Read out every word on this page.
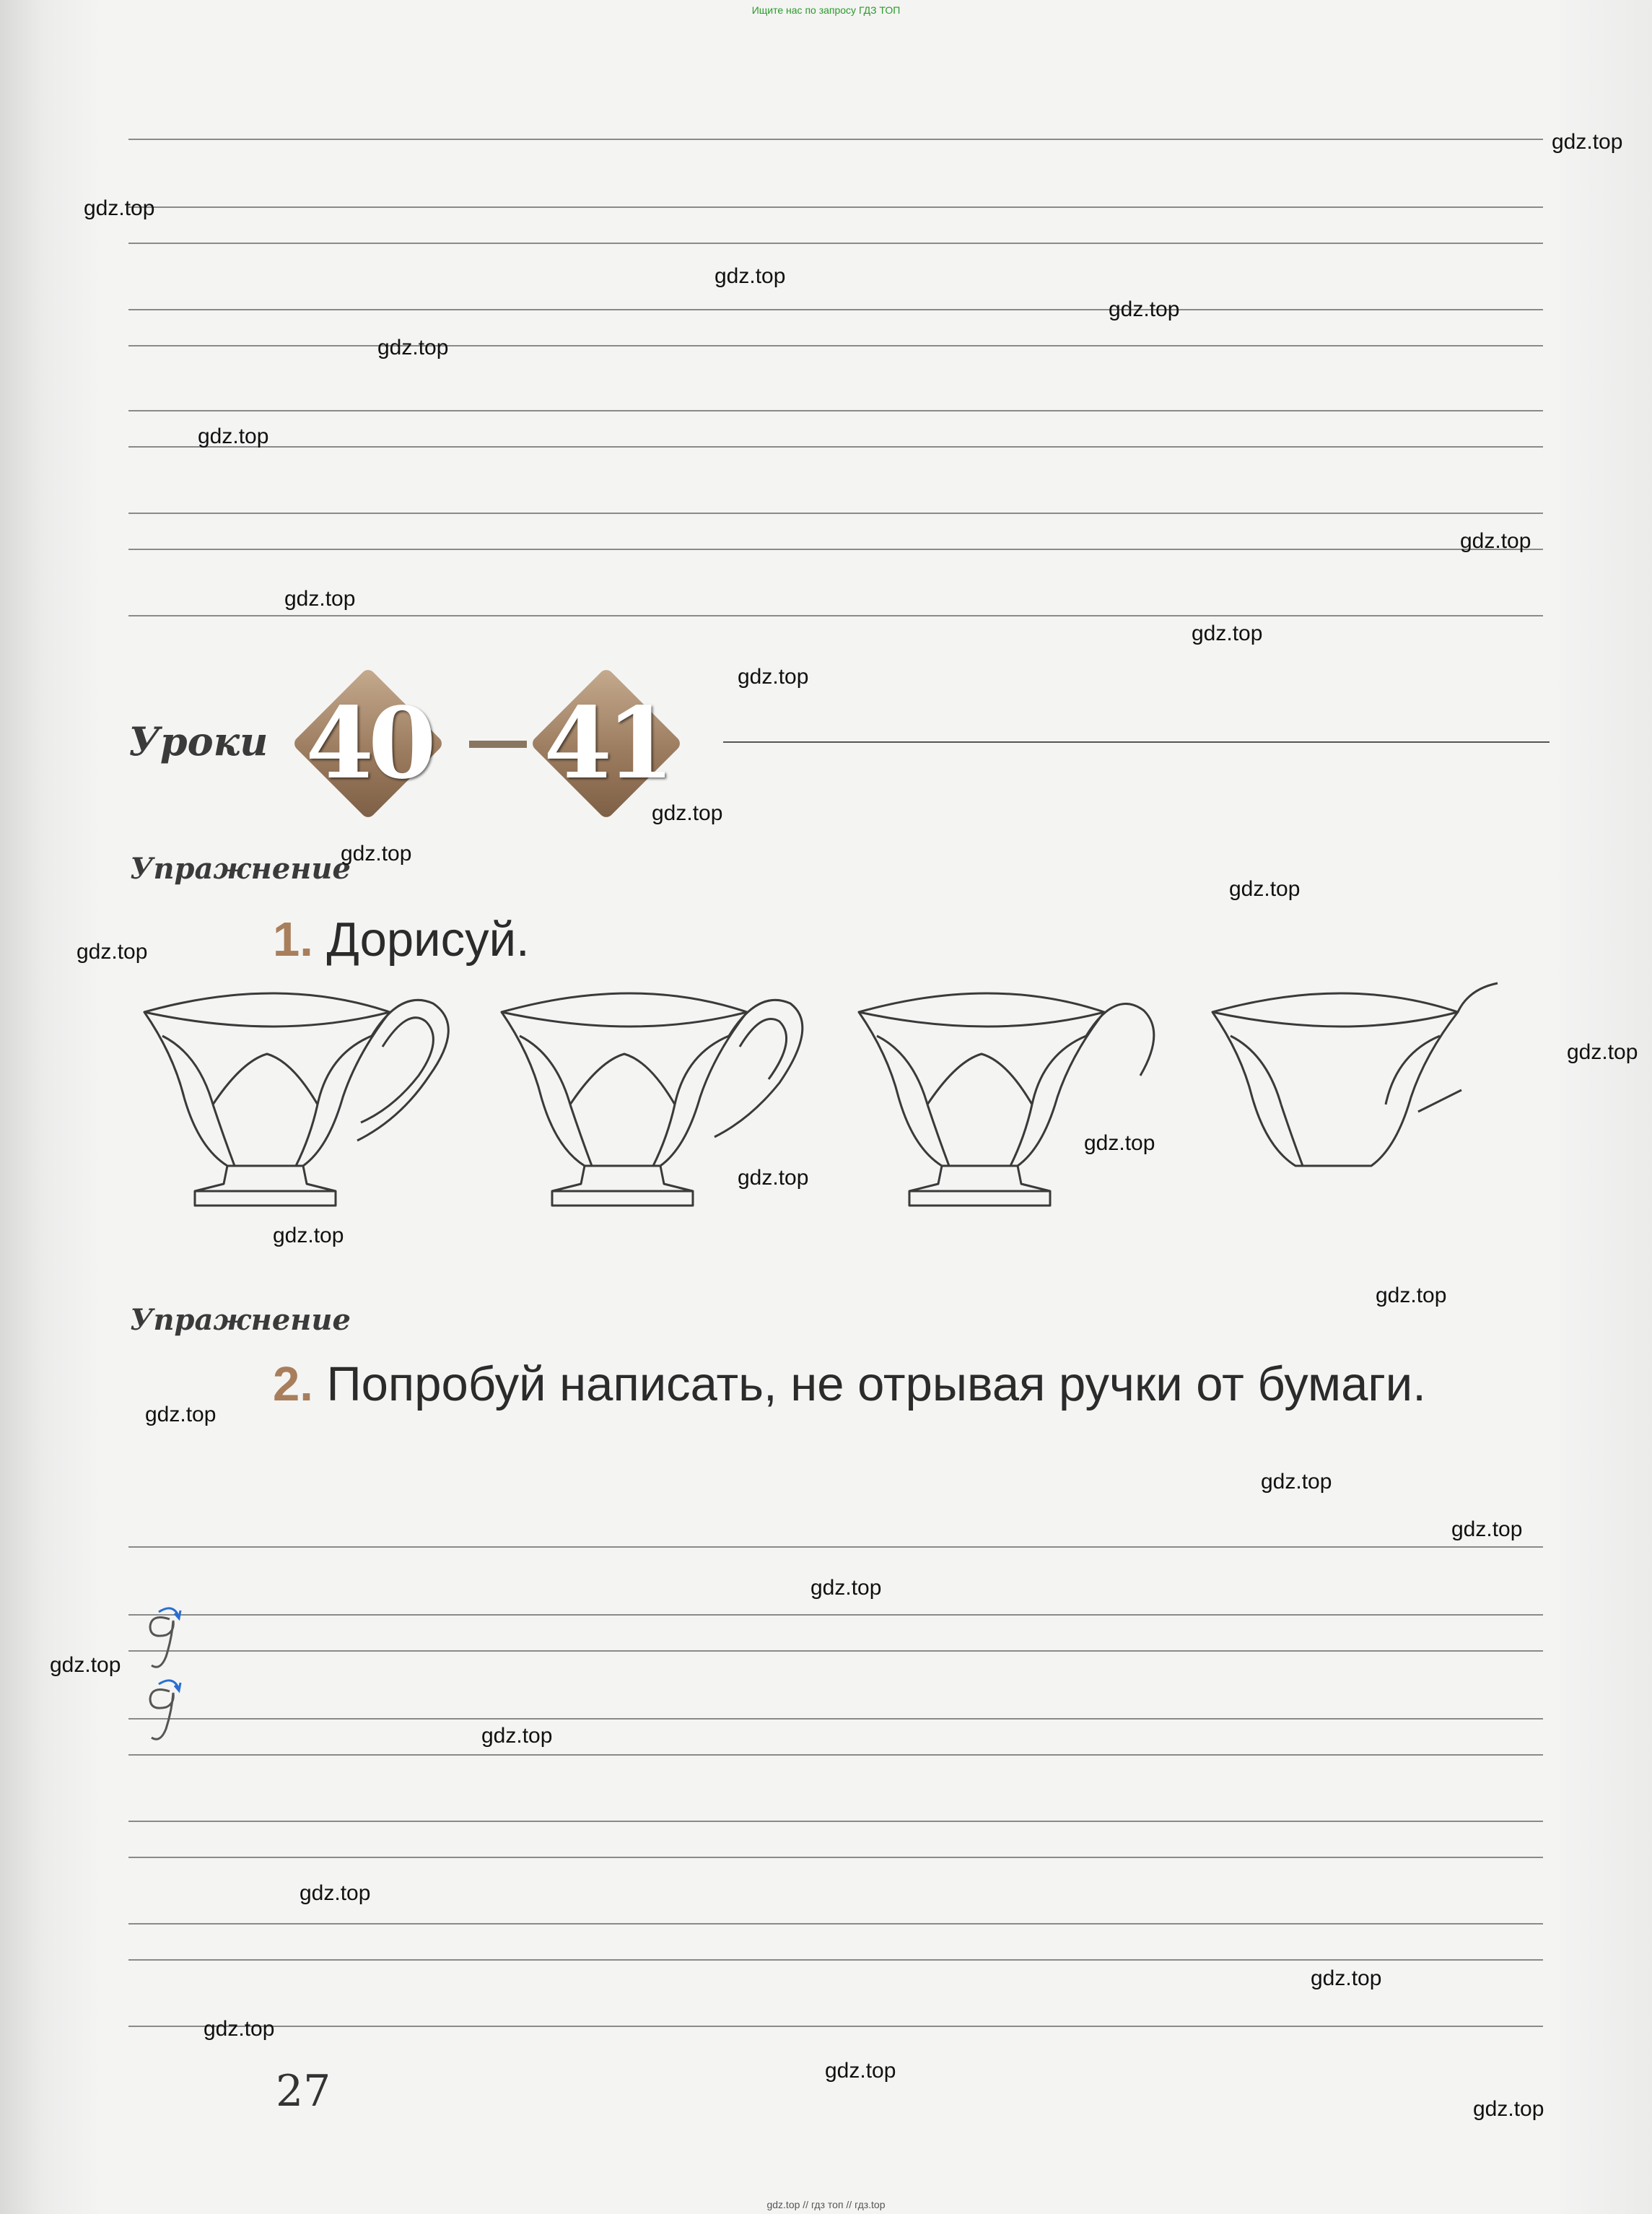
Ищите нас по запросу ГДЗ ТОП
Уроки 40 41
Упражнение
1. Дорисуй.
Упражнение
2. Попробуй написать, не отрывая ручки от бумаги.
27
gdz.top
gdz.top
gdz.top
gdz.top
gdz.top
gdz.top
gdz.top
gdz.top
gdz.top
gdz.top
gdz.top
gdz.top
gdz.top
gdz.top
gdz.top
gdz.top
gdz.top
gdz.top
gdz.top
gdz.top
gdz.top
gdz.top
gdz.top
gdz.top
gdz.top
gdz.top
gdz.top
gdz.top
gdz.top
gdz.top
gdz.top // гдз топ // гдз.top
